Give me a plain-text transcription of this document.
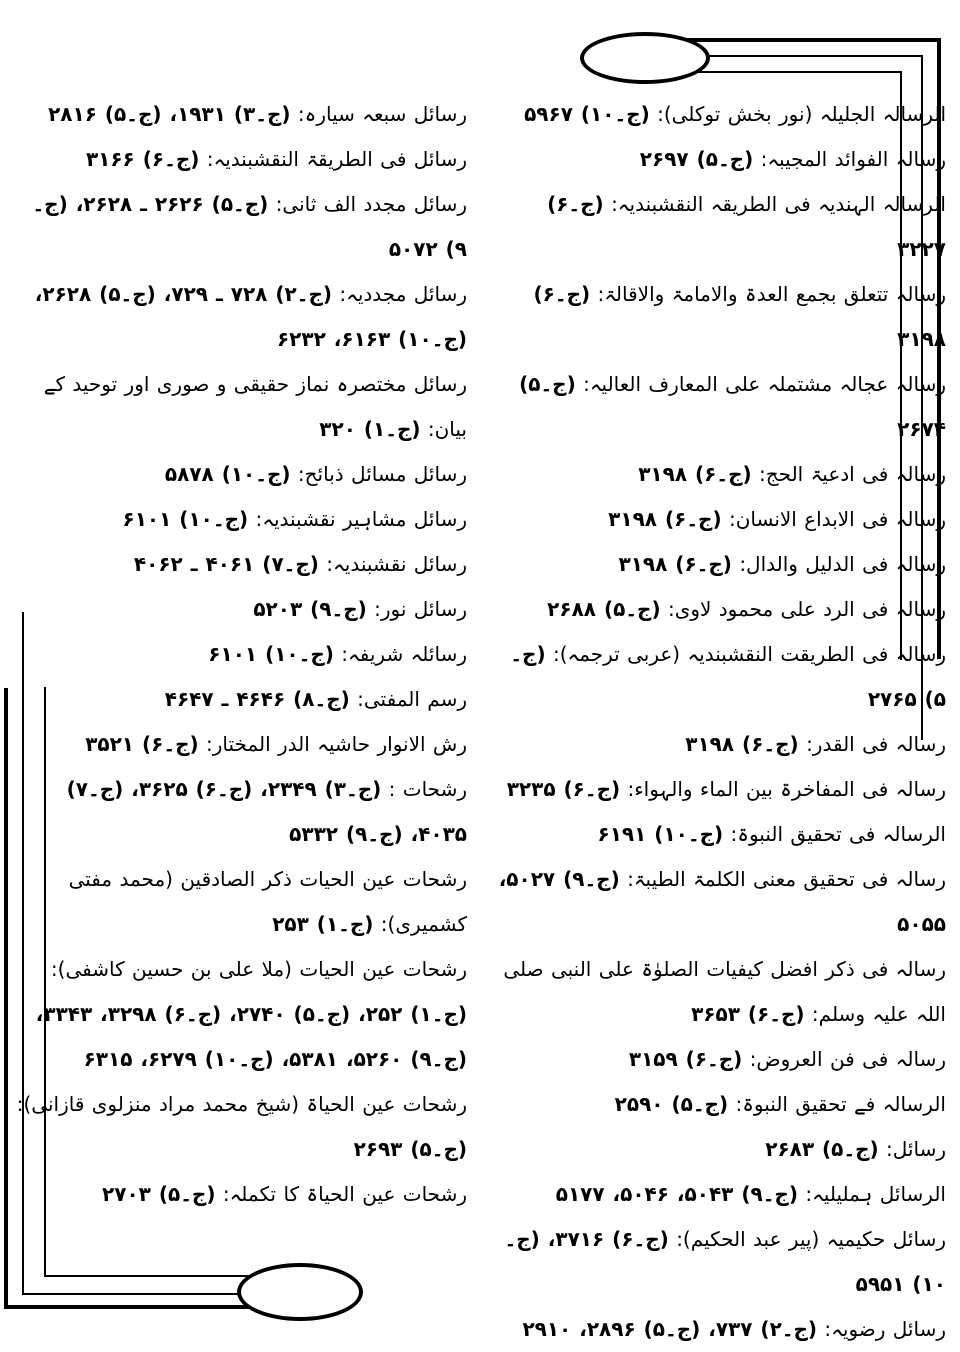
الرسالہ الجلیلہ (نور بخش توکلی): (ج۔۱۰) ۵۹۶۷
رسالہ الفوائد المجیبہ: (ج۔۵) ۲۶۹۷
الرسالہ الہندیہ فی الطریقہ النقشبندیہ: (ج۔۶) ۳۲۲۷
رسالہ تتعلق بجمع العدۃ والامامۃ والاقالۃ: (ج۔۶) ۳۱۹۸
رسالہ عجالہ مشتملہ علی المعارف العالیہ: (ج۔۵) ۲۶۷۴
رسالہ فی ادعیۃ الحج: (ج۔۶) ۳۱۹۸
رسالہ فی الابداع الانسان: (ج۔۶) ۳۱۹۸
رسالہ فی الدلیل والدال: (ج۔۶) ۳۱۹۸
رسالہ فی الرد علی محمود لاوی: (ج۔۵) ۲۶۸۸
رسالہ فی الطریقت النقشبندیہ (عربی ترجمہ): (ج۔۵) ۲۷۶۵
رسالہ فی القدر: (ج۔۶) ۳۱۹۸
رسالہ فی المفاخرۃ بین الماء والہواء: (ج۔۶) ۳۲۳۵
الرسالہ فی تحقیق النبوۃ: (ج۔۱۰) ۶۱۹۱
رسالہ فی تحقیق معنی الکلمۃ الطیبۃ: (ج۔۹) ۵۰۲۷، ۵۰۵۵
رسالہ فی ذکر افضل کیفیات الصلوٰۃ علی النبی صلی اللہ علیہ وسلم: (ج۔۶) ۳۶۵۳
رسالہ فی فن العروض: (ج۔۶) ۳۱۵۹
الرسالہ فے تحقیق النبوۃ: (ج۔۵) ۲۵۹۰
رسائل: (ج۔۵) ۲۶۸۳
الرسائل ہملیلیہ: (ج۔۹) ۵۰۴۳، ۵۰۴۶، ۵۱۷۷
رسائل حکیمیہ (پیر عبد الحکیم): (ج۔۶) ۳۷۱۶، (ج۔۱۰) ۵۹۵۱
رسائل رضویہ: (ج۔۲) ۷۳۷، (ج۔۵) ۲۸۹۶، ۲۹۱۰
رسائل سبعہ سیارہ: (ج۔۳) ۱۹۳۱، (ج۔۵) ۲۸۱۶
رسائل فی الطریقۃ النقشبندیہ: (ج۔۶) ۳۱۶۶
رسائل مجدد الف ثانی: (ج۔۵) ۲۶۲۶ ـ ۲۶۲۸، (ج۔۹) ۵۰۷۲
رسائل مجددیہ: (ج۔۲) ۷۲۸ ـ ۷۲۹، (ج۔۵) ۲۶۲۸، (ج۔۱۰) ۶۱۶۳، ۶۲۳۲
رسائل مختصرہ نماز حقیقی و صوری اور توحید کے بیان: (ج۔۱) ۳۲۰
رسائل مسائل ذبائح: (ج۔۱۰) ۵۸۷۸
رسائل مشاہیر نقشبندیہ: (ج۔۱۰) ۶۱۰۱
رسائل نقشبندیہ: (ج۔۷) ۴۰۶۱ ـ ۴۰۶۲
رسائل نور: (ج۔۹) ۵۲۰۳
رسائلہ شریفہ: (ج۔۱۰) ۶۱۰۱
رسم المفتی: (ج۔۸) ۴۶۴۶ ـ ۴۶۴۷
رش الانوار حاشیہ الدر المختار: (ج۔۶) ۳۵۲۱
رشحات : (ج۔۳) ۲۳۴۹، (ج۔۶) ۳۶۲۵، (ج۔۷) ۴۰۳۵، (ج۔۹) ۵۳۳۲
رشحات عین الحیات ذکر الصادقین (محمد مفتی کشمیری): (ج۔۱) ۲۵۳
رشحات عین الحیات (ملا علی بن حسین کاشفی): (ج۔۱) ۲۵۲، (ج۔۵) ۲۷۴۰، (ج۔۶) ۳۲۹۸، ۳۳۴۳، (ج۔۹) ۵۲۶۰، ۵۳۸۱، (ج۔۱۰) ۶۲۷۹، ۶۳۱۵
رشحات عین الحیاۃ (شیخ محمد مراد منزلوی قازانی): (ج۔۵) ۲۶۹۳
رشحات عین الحیاۃ کا تکملہ: (ج۔۵) ۲۷۰۳
